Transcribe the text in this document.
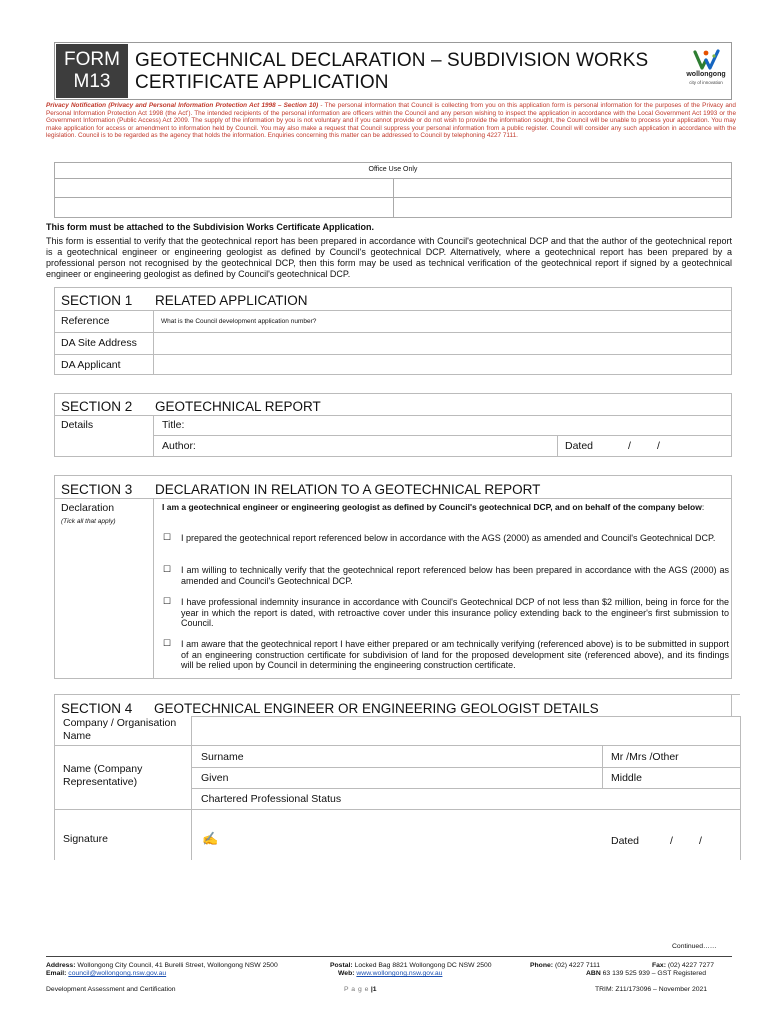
FORM
M13
GEOTECHNICAL DECLARATION – SUBDIVISION WORKS
CERTIFICATE APPLICATION	wollongong
city of innovation
Privacy Notification (Privacy and Personal Information Protection Act 1998 – Section 10) - The personal information that Council is collecting from you on this application form is personal information for the purposes of the Privacy and Personal Information Protection Act 1998 (the Act'). The intended recipients of the personal information are officers within the Council and any person wishing to inspect the application in accordance with the Local Government Act 1993 or the Government Information (Public Access) Act 2009. The supply of the information by you is not voluntary and if you cannot provide or do not wish to provide the information sought, the Council will be unable to process your application. You may make application for access or amendment to information held by Council. You may also make a request that Council suppress your personal information from a public register. Council will consider any such application in accordance with the legislation. Council is to be regarded as the agency that holds the information. Enquiries concerning this matter can be addressed to Council by telephoning 4227 7111.
Office Use Only
This form must be attached to the Subdivision Works Certificate Application.
This form is essential to verify that the geotechnical report has been prepared in accordance with Council's geotechnical DCP and that the author of the geotechnical report is a geotechnical engineer or engineering geologist as defined by Council's geotechnical DCP. Alternatively, where a geotechnical report has been prepared by a professional person not recognised by the geotechnical DCP, then this form may be used as technical verification of the geotechnical report if signed by a geotechnical engineer or engineering geologist as defined by Council's geotechnical DCP.
SECTION 1 RELATED APPLICATION
Reference	What is the Council development application number?
DA Site Address
DA Applicant
SECTION 2 GEOTECHNICAL REPORT
Details	Title:
Author:	Dated	/ /
SECTION 3 DECLARATION IN RELATION TO A GEOTECHNICAL REPORT
Declaration
(Tick all that apply)
I am a geotechnical engineer or engineering geologist as defined by Council's geotechnical DCP, and on behalf of the company below:
☐ I prepared the geotechnical report referenced below in accordance with the AGS (2000) as amended and Council's Geotechnical DCP.
☐ I am willing to technically verify that the geotechnical report referenced below has been prepared in accordance with the AGS (2000) as amended and Council's Geotechnical DCP.
☐ I have professional indemnity insurance in accordance with Council's Geotechnical DCP of not less than $2 million, being in force for the year in which the report is dated, with retroactive cover under this insurance policy extending back to the engineer's first submission to Council.
☐ I am aware that the geotechnical report I have either prepared or am technically verifying (referenced above) is to be submitted in support of an engineering construction certificate for subdivision of land for the proposed development site (referenced above), and its findings will be relied upon by Council in determining the engineering construction certificate.
SECTION 4 GEOTECHNICAL ENGINEER OR ENGINEERING GEOLOGIST DETAILS
Company / Organisation
Name
Name (Company
Representative)
Surname	Mr /Mrs /Other
Given	Middle
Chartered Professional Status
Signature	✍	Dated	/ /
Continued……
Address: Wollongong City Council, 41 Burelli Street, Wollongong NSW 2500
Email: council@wollongong.nsw.gov.au
Postal: Locked Bag 8821 Wollongong DC NSW 2500
Web: www.wollongong.nsw.gov.au
Phone: (02) 4227 7111	Fax: (02) 4227 7277
ABN 63 139 525 939 – GST Registered
Development Assessment and Certification	P a g e |1	TRIM: Z11/173096 – November 2021
